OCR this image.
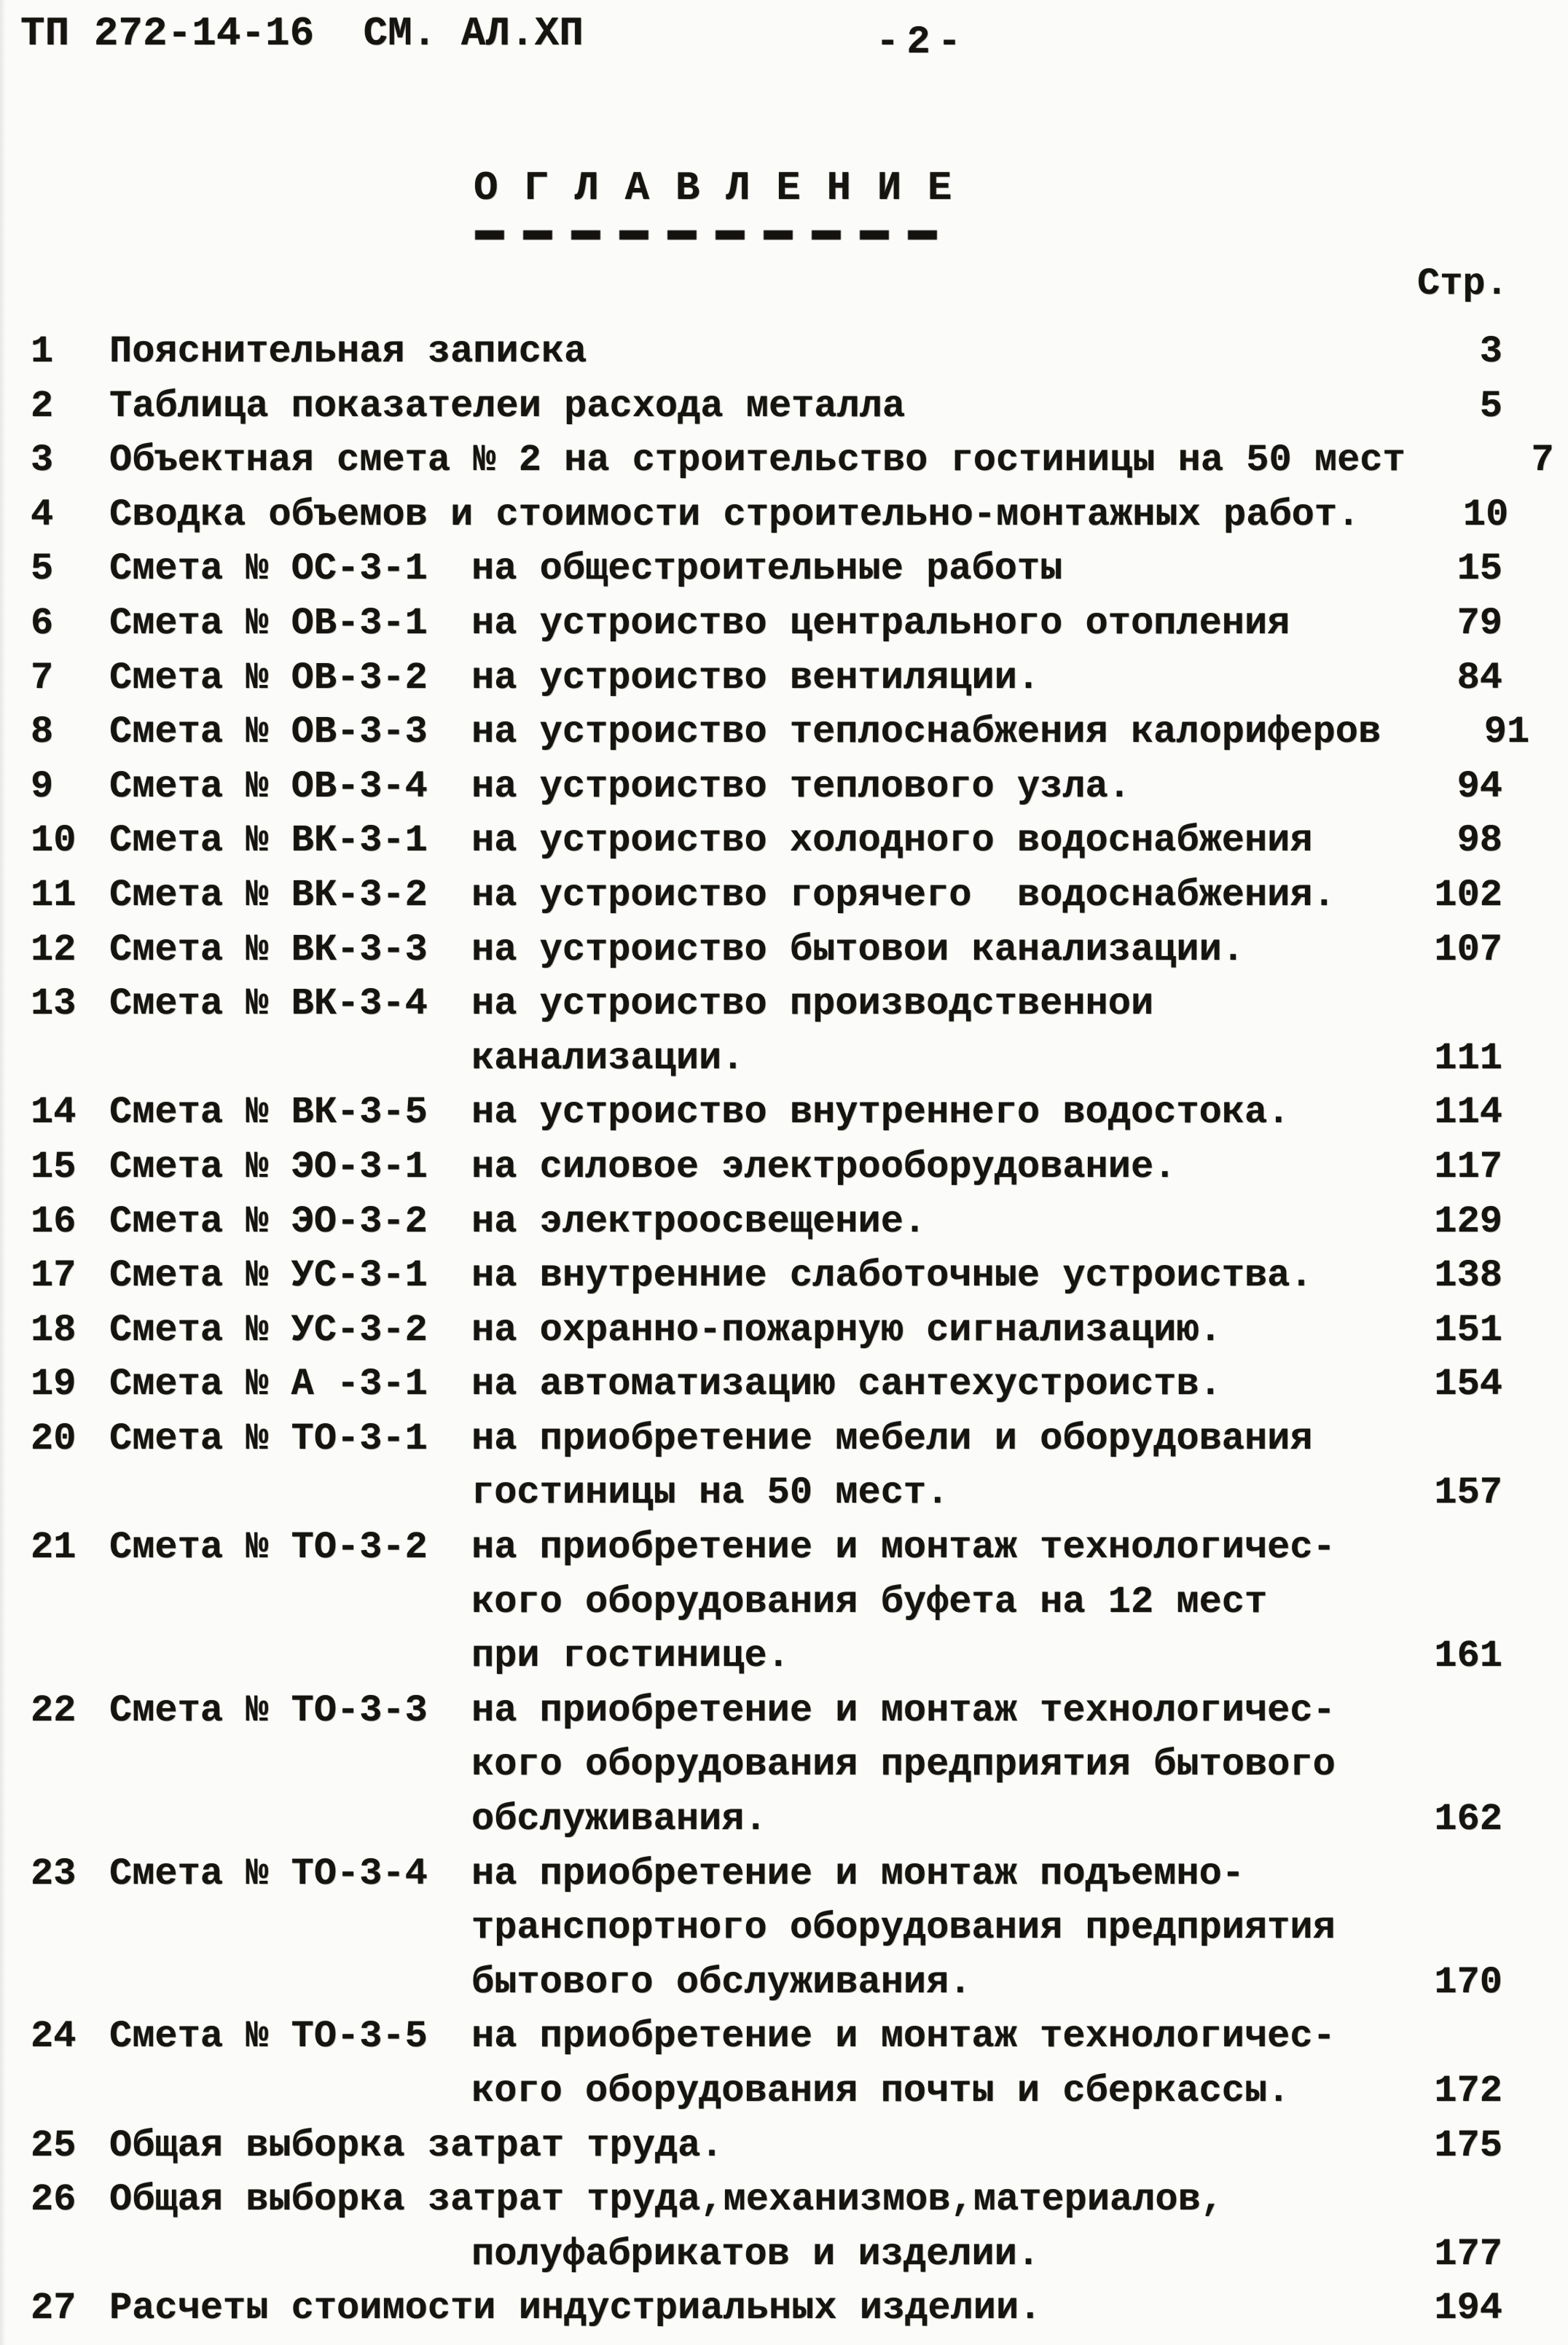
ТП 272-14-16  СМ. АЛ.ХП	-2-
О Г Л А В Л Е Н И Е
Стр.
1	Пояснительная записка	3
2	Таблица показателеи расхода металла	5
3	Объектная смета № 2 на строительство гостиницы на 50 мест	7
4	Сводка объемов и стоимости строительно-монтажных работ.	10
5	Смета № ОС-3-1 на общестроительные работы	15
6	Смета № ОВ-3-1 на устроиство центрального отопления	79
7	Смета № ОВ-3-2 на устроиство вентиляции.	84
8	Смета № ОВ-3-3 на устроиство теплоснабжения калориферов	91
9	Смета № ОВ-3-4 на устроиство теплового узла.	94
10 Смета № ВК-3-1 на устроиство холодного водоснабжения	98
11 Смета № ВК-3-2 на устроиство горячего  водоснабжения.	102
12 Смета № ВК-3-3 на устроиство бытовои канализации.	107
13 Смета № ВК-3-4 на устроиство производственнои
канализации.	111
14 Смета № ВК-3-5 на устроиство внутреннего водостока.	114
15 Смета № ЭО-3-1 на силовое электрооборудование.	117
16 Смета № ЭО-3-2 на электроосвещение.	129
17 Смета № УС-3-1 на внутренние слаботочные устроиства.	138
18 Смета № УС-3-2 на охранно-пожарную сигнализацию.	151
19 Смета № А -3-1 на автоматизацию сантехустроиств.	154
20 Смета № ТО-3-1 на приобретение мебели и оборудования
гостиницы на 50 мест.	157
21 Смета № ТО-3-2 на приобретение и монтаж технологичес-
кого оборудования буфета на 12 мест
при гостинице.	161
22 Смета № ТО-3-3 на приобретение и монтаж технологичес-
кого оборудования предприятия бытового
обслуживания.	162
23 Смета № ТО-3-4 на приобретение и монтаж подъемно-
транспортного оборудования предприятия
бытового обслуживания.	170
24 Смета № ТО-3-5 на приобретение и монтаж технологичес-
кого оборудования почты и сберкассы.	172
25 Общая выборка затрат труда.	175
26 Общая выборка затрат труда,механизмов,материалов,
полуфабрикатов и изделии.	177
27 Расчеты стоимости индустриальных изделии.	194
